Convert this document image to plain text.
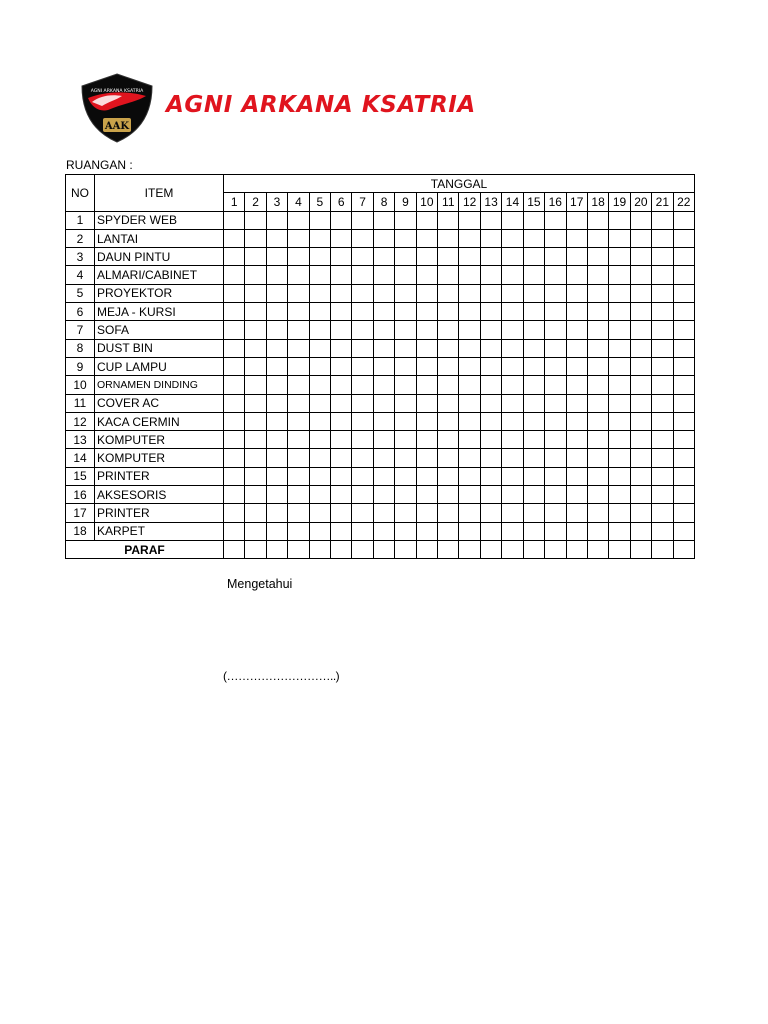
AGNI ARKANA KSATRIA
AAK
AGNI ARKANA KSATRIA
RUANGAN :
NO	ITEM	TANGGAL																					
		1	2	3	4	5	6	7	8	9	10	11	12	13	14	15	16	17	18	19	20	21	22
1	SPYDER WEB																						
2	LANTAI																						
3	DAUN PINTU																						
4	ALMARI/CABINET																						
5	PROYEKTOR																						
6	MEJA - KURSI																						
7	SOFA																						
8	DUST BIN																						
9	CUP LAMPU																						
10	ORNAMEN DINDING																						
11	COVER AC																						
12	KACA CERMIN																						
13	KOMPUTER																						
14	KOMPUTER																						
15	PRINTER																						
16	AKSESORIS																						
17	PRINTER																						
18	KARPET																						
PARAF																							
Mengetahui
(………………………..)
